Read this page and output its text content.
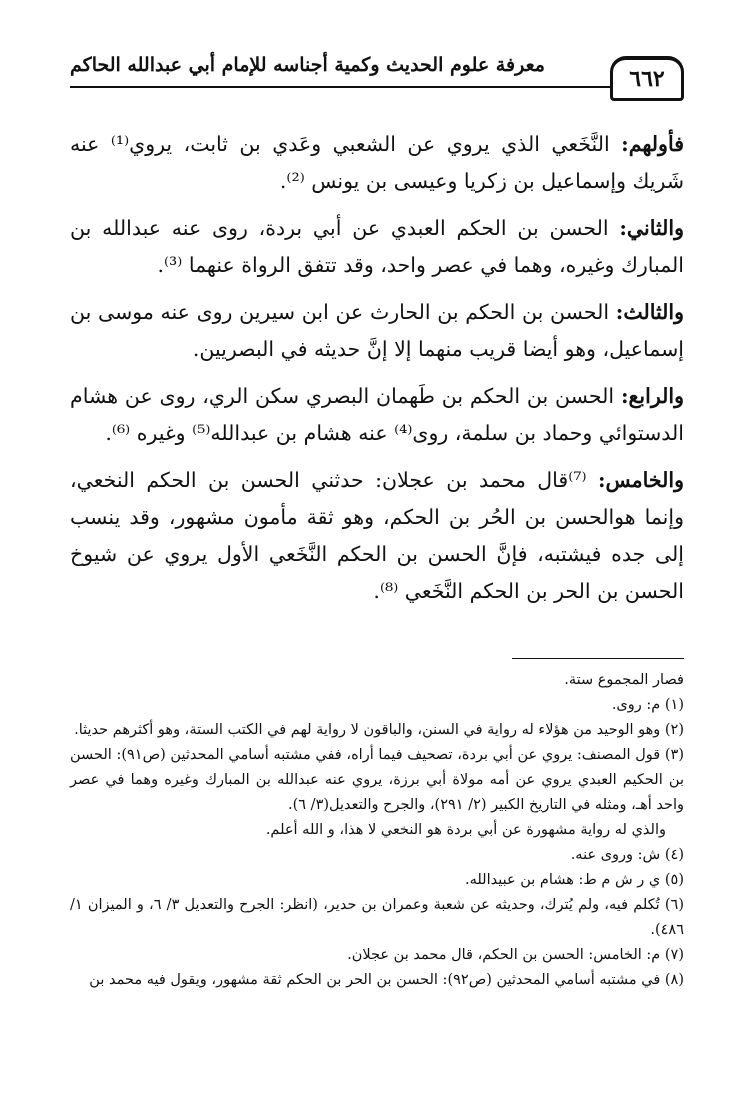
٦٦٢
معرفة علوم الحديث وكمية أجناسه للإمام أبي عبدالله الحاكم

فأولهم: النَّخَعي الذي يروي عن الشعبي وعَدي بن ثابت، يروي⁽¹⁾ عنه شَريك وإسماعيل بن زكريا وعيسى بن يونس ⁽²⁾.

والثاني: الحسن بن الحكم العبدي عن أبي بردة، روى عنه عبدالله بن المبارك وغيره، وهما في عصر واحد، وقد تتفق الرواة عنهما ⁽³⁾.

والثالث: الحسن بن الحكم بن الحارث عن ابن سيرين روى عنه موسى بن إسماعيل، وهو أيضا قريب منهما إلا إنَّ حديثه في البصريين.

والرابع: الحسن بن الحكم بن طَهمان البصري سكن الري، روى عن هشام الدستوائي وحماد بن سلمة، روى⁽⁴⁾ عنه هشام بن عبدالله⁽⁵⁾ وغيره ⁽⁶⁾.

والخامس: ⁽⁷⁾قال محمد بن عجلان: حدثني الحسن بن الحكم النخعي، وإنما هوالحسن بن الحُر بن الحكم، وهو ثقة مأمون مشهور، وقد ينسب إلى جده فيشتبه، فإنَّ الحسن بن الحكم النَّخَعي الأول يروي عن شيوخ الحسن بن الحر بن الحكم النَّخَعي ⁽⁸⁾.

فصار المجموع ستة.

(١) م: روى.

(٢) وهو الوحيد من هؤلاء له رواية في السنن، والباقون لا رواية لهم في الكتب الستة، وهو أكثرهم حديثا.

(٣) قول المصنف: يروي عن أبي بردة، تصحيف فيما أراه، ففي مشتبه أسامي المحدثين (ص٩١): الحسن بن الحكيم العبدي يروي عن أمه مولاة أبي برزة، يروي عنه عبدالله بن المبارك وغيره وهما في عصر واحد أهـ، ومثله في التاريخ الكبير (٢/ ٢٩١)، والجرح والتعديل(٣/ ٦).

والذي له رواية مشهورة عن أبي بردة هو النخعي لا هذا، و الله أعلم.

(٤) ش: وروى عنه.

(٥) ي ر ش م ط: هشام بن عبيدالله.

(٦) تُكلم فيه، ولم يُترك، وحديثه عن شعبة وعمران بن حدير، (انظر: الجرح والتعديل ٣/ ٦، و الميزان ١/ ٤٨٦).

(٧) م: الخامس: الحسن بن الحكم، قال محمد بن عجلان.

(٨) في مشتبه أسامي المحدثين (ص٩٢): الحسن بن الحر بن الحكم ثقة مشهور، ويقول فيه محمد بن
